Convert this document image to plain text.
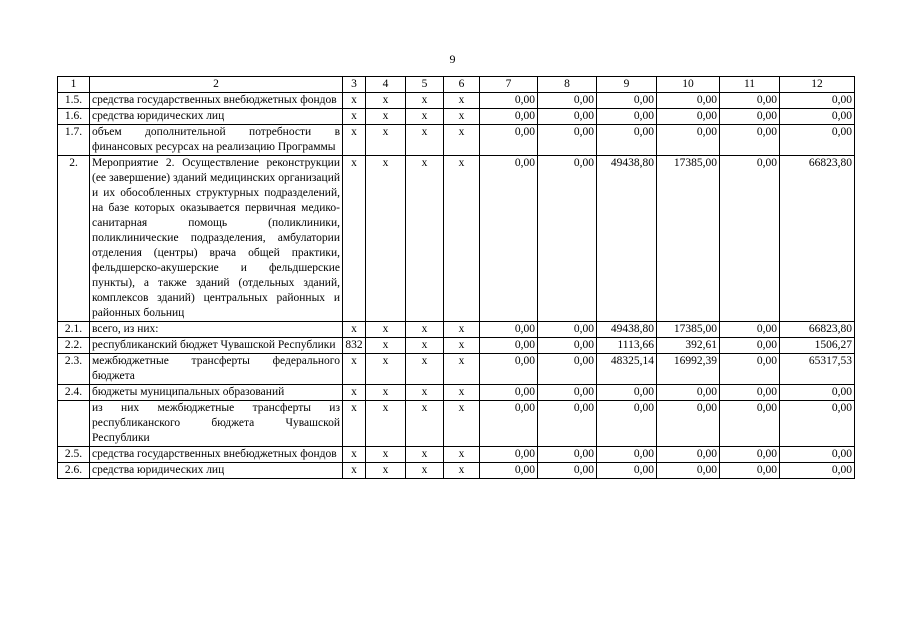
9
1	2	3	4	5	6	7	8	9	10	11	12
1.5.	средства государственных внебюджетных фондов	x	x	x	x	0,00	0,00	0,00	0,00	0,00	0,00
1.6.	средства юридических лиц	x	x	x	x	0,00	0,00	0,00	0,00	0,00	0,00
1.7.	объем дополнительной потребности в финансовых ресурсах на реализацию Программы	x	x	x	x	0,00	0,00	0,00	0,00	0,00	0,00
2.	Мероприятие 2. Осуществление реконструкции (ее завершение) зданий медицинских организаций и их обособленных структурных подразделений, на базе которых оказывается первичная медико-санитарная помощь (поликлиники, поликлинические подразделения, амбулатории отделения (центры) врача общей практики, фельдшерско-акушерские и фельдшерские пункты), а также зданий (отдельных зданий, комплексов зданий) центральных районных и районных больниц	x	x	x	x	0,00	0,00	49438,80	17385,00	0,00	66823,80
2.1.	всего, из них:	x	x	x	x	0,00	0,00	49438,80	17385,00	0,00	66823,80
2.2.	республиканский бюджет Чувашской Республики	832	x	x	x	0,00	0,00	1113,66	392,61	0,00	1506,27
2.3.	межбюджетные трансферты федерального бюджета	x	x	x	x	0,00	0,00	48325,14	16992,39	0,00	65317,53
2.4.	бюджеты муниципальных образований	x	x	x	x	0,00	0,00	0,00	0,00	0,00	0,00
	из них межбюджетные трансферты из республиканского бюджета Чувашской Республики	x	x	x	x	0,00	0,00	0,00	0,00	0,00	0,00
2.5.	средства государственных внебюджетных фондов	x	x	x	x	0,00	0,00	0,00	0,00	0,00	0,00
2.6.	средства юридических лиц	x	x	x	x	0,00	0,00	0,00	0,00	0,00	0,00
